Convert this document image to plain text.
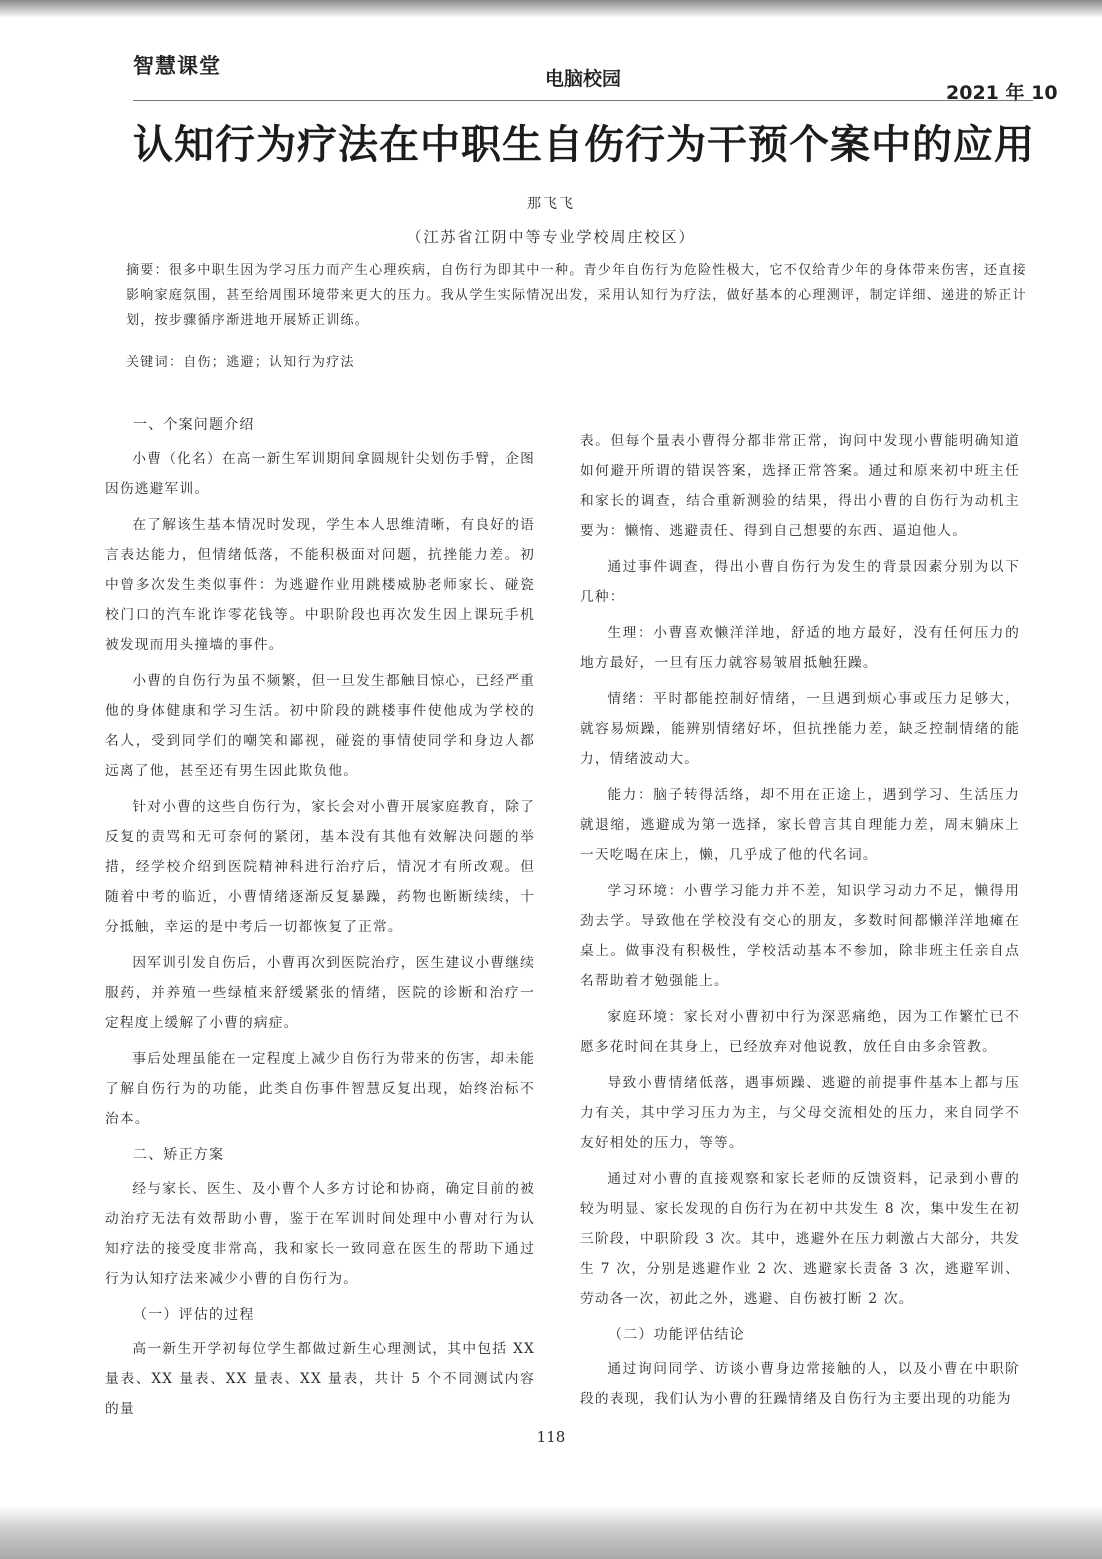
智慧课堂
电脑校园
2021 年 10
认知行为疗法在中职生自伤行为干预个案中的应用
那飞飞
（江苏省江阴中等专业学校周庄校区）
摘要：很多中职生因为学习压力而产生心理疾病，自伤行为即其中一种。青少年自伤行为危险性极大，它不仅给青少年的身体带来伤害，还直接影响家庭氛围，甚至给周围环境带来更大的压力。我从学生实际情况出发，采用认知行为疗法，做好基本的心理测评，制定详细、递进的矫正计划，按步骤循序渐进地开展矫正训练。
关键词：自伤；逃避；认知行为疗法
一、个案问题介绍

小曹（化名）在高一新生军训期间拿圆规针尖划伤手臂，企图因伤逃避军训。

在了解该生基本情况时发现，学生本人思维清晰，有良好的语言表达能力，但情绪低落，不能积极面对问题，抗挫能力差。初中曾多次发生类似事件：为逃避作业用跳楼威胁老师家长、碰瓷校门口的汽车讹诈零花钱等。中职阶段也再次发生因上课玩手机被发现而用头撞墙的事件。

小曹的自伤行为虽不频繁，但一旦发生都触目惊心，已经严重他的身体健康和学习生活。初中阶段的跳楼事件使他成为学校的名人，受到同学们的嘲笑和鄙视，碰瓷的事情使同学和身边人都远离了他，甚至还有男生因此欺负他。

针对小曹的这些自伤行为，家长会对小曹开展家庭教育，除了反复的责骂和无可奈何的紧闭，基本没有其他有效解决问题的举措，经学校介绍到医院精神科进行治疗后，情况才有所改观。但随着中考的临近，小曹情绪逐渐反复暴躁，药物也断断续续，十分抵触，幸运的是中考后一切都恢复了正常。

因军训引发自伤后，小曹再次到医院治疗，医生建议小曹继续服药，并养殖一些绿植来舒缓紧张的情绪，医院的诊断和治疗一定程度上缓解了小曹的病症。

事后处理虽能在一定程度上减少自伤行为带来的伤害，却未能了解自伤行为的功能，此类自伤事件智慧反复出现，始终治标不治本。

二、矫正方案

经与家长、医生、及小曹个人多方讨论和协商，确定目前的被动治疗无法有效帮助小曹，鉴于在军训时间处理中小曹对行为认知疗法的接受度非常高，我和家长一致同意在医生的帮助下通过行为认知疗法来减少小曹的自伤行为。

（一）评估的过程

高一新生开学初每位学生都做过新生心理测试，其中包括 XX 量表、XX 量表、XX 量表、XX 量表，共计 5 个不同测试内容的量

表。但每个量表小曹得分都非常正常，询问中发现小曹能明确知道如何避开所谓的错误答案，选择正常答案。通过和原来初中班主任和家长的调查，结合重新测验的结果，得出小曹的自伤行为动机主要为：懒惰、逃避责任、得到自己想要的东西、逼迫他人。

通过事件调查，得出小曹自伤行为发生的背景因素分别为以下几种：

生理：小曹喜欢懒洋洋地，舒适的地方最好，没有任何压力的地方最好，一旦有压力就容易皱眉抵触狂躁。

情绪：平时都能控制好情绪，一旦遇到烦心事或压力足够大，就容易烦躁，能辨别情绪好坏，但抗挫能力差，缺乏控制情绪的能力，情绪波动大。

能力：脑子转得活络，却不用在正途上，遇到学习、生活压力就退缩，逃避成为第一选择，家长曾言其自理能力差，周末躺床上一天吃喝在床上，懒，几乎成了他的代名词。

学习环境：小曹学习能力并不差，知识学习动力不足，懒得用劲去学。导致他在学校没有交心的朋友，多数时间都懒洋洋地瘫在桌上。做事没有积极性，学校活动基本不参加，除非班主任亲自点名帮助着才勉强能上。

家庭环境：家长对小曹初中行为深恶痛绝，因为工作繁忙已不愿多花时间在其身上，已经放弃对他说教，放任自由多余管教。

导致小曹情绪低落，遇事烦躁、逃避的前提事件基本上都与压力有关，其中学习压力为主，与父母交流相处的压力，来自同学不友好相处的压力，等等。

通过对小曹的直接观察和家长老师的反馈资料，记录到小曹的较为明显、家长发现的自伤行为在初中共发生 8 次，集中发生在初三阶段，中职阶段 3 次。其中，逃避外在压力刺激占大部分，共发生 7 次，分别是逃避作业 2 次、逃避家长责备 3 次，逃避军训、劳动各一次，初此之外，逃避、自伤被打断 2 次。

（二）功能评估结论

通过询问同学、访谈小曹身边常接触的人，以及小曹在中职阶段的表现，我们认为小曹的狂躁情绪及自伤行为主要出现的功能为

118
